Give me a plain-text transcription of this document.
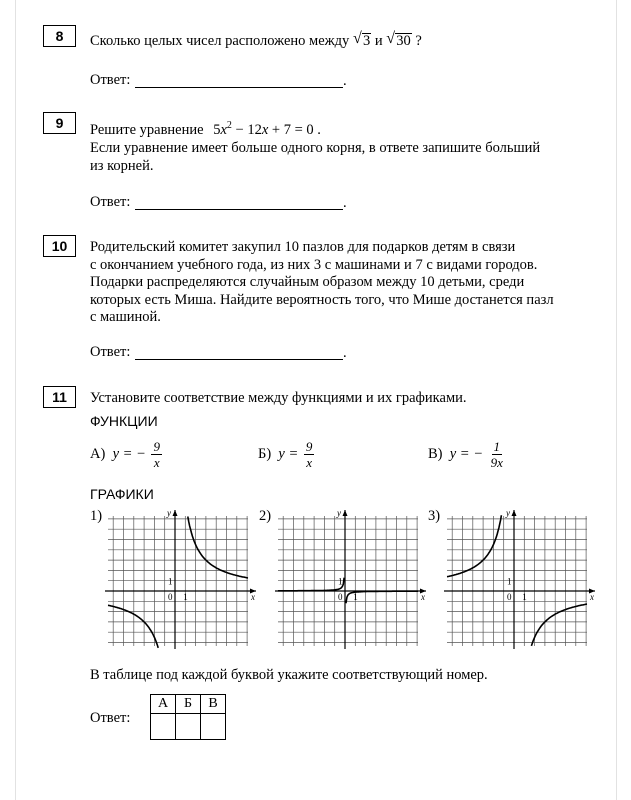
8	Сколько целых чисел расположено между √ 3 и √ 30 ?
Ответ:	.
9	Решите уравнение $5x^2 - 12x + 7 = 0$ .
Если уравнение имеет больше одного корня, в ответе запишите больший
из корней.
Ответ:	.
10	Родительский комитет закупил 10 пазлов для подарков детям в связи
с окончанием учебного года, из них 3 с машинами и 7 с видами городов.
Подарки распределяются случайным образом между 10 детьми, среди
которых есть Миша. Найдите вероятность того, что Мише достанется пазл
с машиной.
Ответ:	.
11	Установите соответствие между функциями и их графиками.
ФУНКЦИИ
А) y = − $\frac{9}{x}$	Б) $y = \frac{9}{x}$	В) y = − $\frac{1}{9x}$
ГРАФИКИ
1)	2)	3)
y
x
0 1
1
y
x
0 1
1
y
x
0 1
1
В таблице под каждой буквой укажите соответствующий номер.
Ответ:
А	Б	В
